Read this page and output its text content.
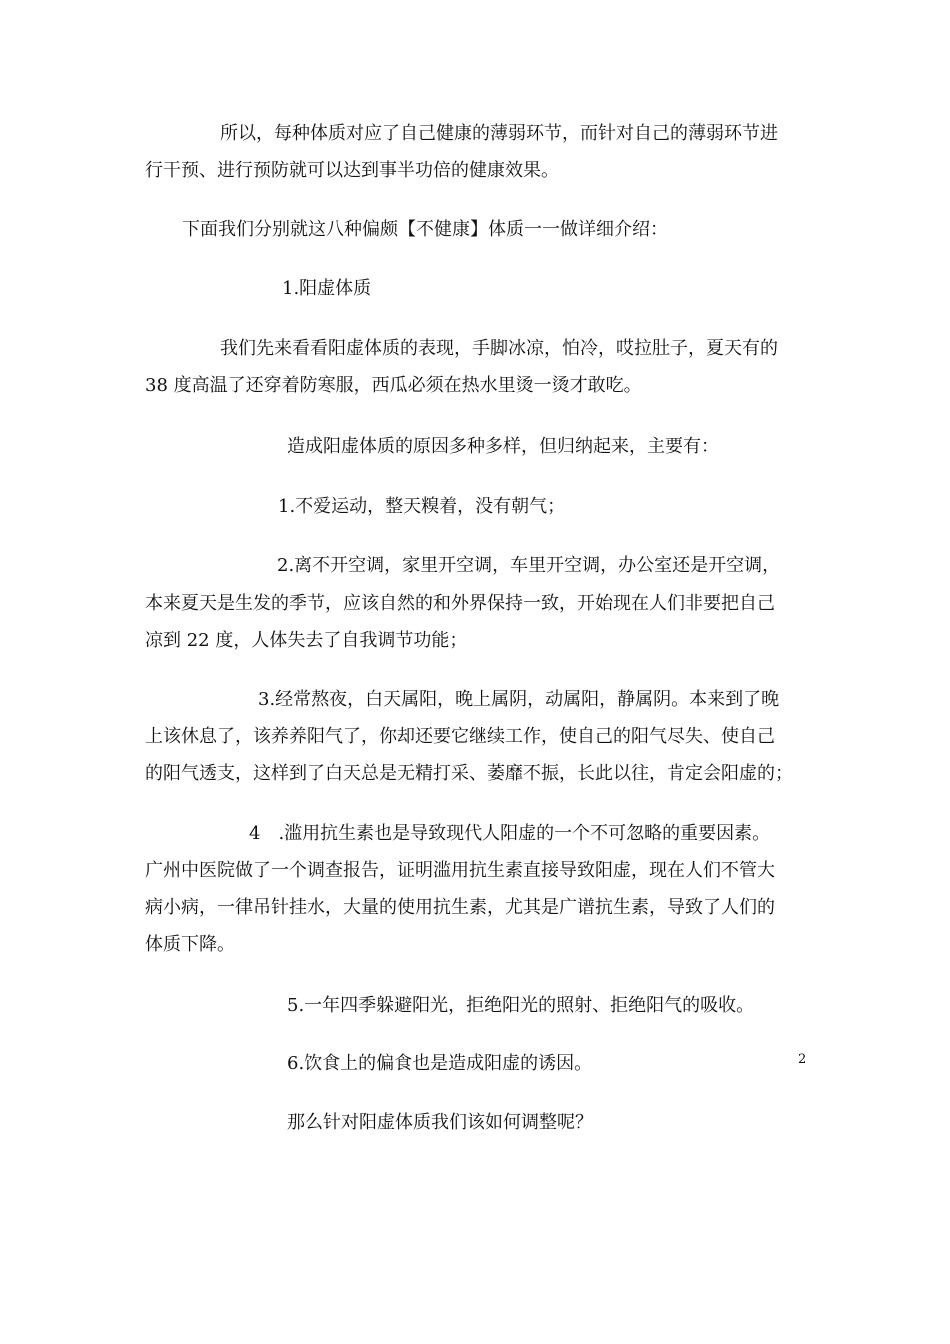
所以，每种体质对应了自己健康的薄弱环节，而针对自己的薄弱环节进
行干预、进行预防就可以达到事半功倍的健康效果。
下面我们分别就这八种偏颇【不健康】体质一一做详细介绍：
1.阳虚体质
我们先来看看阳虚体质的表现，手脚冰凉，怕冷，哎拉肚子，夏天有的
38 度高温了还穿着防寒服，西瓜必须在热水里烫一烫才敢吃。
造成阳虚体质的原因多种多样，但归纳起来，主要有：
1.不爱运动，整天糗着，没有朝气；
2.离不开空调，家里开空调，车里开空调，办公室还是开空调，
本来夏天是生发的季节，应该自然的和外界保持一致，开始现在人们非要把自己
凉到 22 度，人体失去了自我调节功能；
3.经常熬夜，白天属阳，晚上属阴，动属阳，静属阴。本来到了晚
上该休息了，该养养阳气了，你却还要它继续工作，使自己的阳气尽失、使自己
的阳气透支，这样到了白天总是无精打采、萎靡不振，长此以往，肯定会阳虚的；
4 .滥用抗生素也是导致现代人阳虚的一个不可忽略的重要因素。
广州中医院做了一个调查报告，证明滥用抗生素直接导致阳虚，现在人们不管大
病小病，一律吊针挂水，大量的使用抗生素，尤其是广谱抗生素，导致了人们的
体质下降。
5.一年四季躲避阳光，拒绝阳光的照射、拒绝阳气的吸收。
6.饮食上的偏食也是造成阳虚的诱因。
那么针对阳虚体质我们该如何调整呢？
2
